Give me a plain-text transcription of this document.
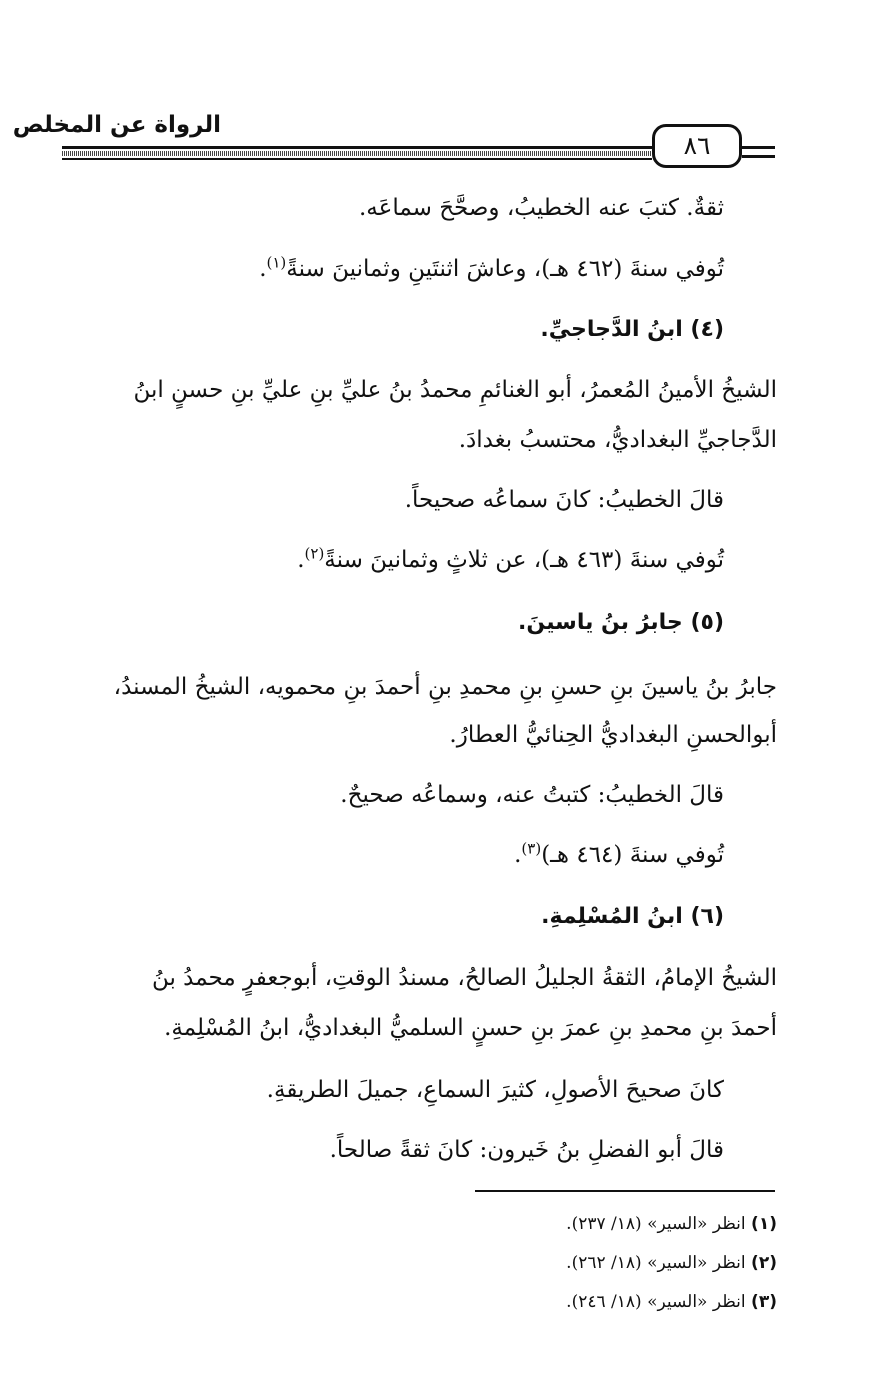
الرواة عن المخلص
٨٦
ثقةٌ. كتبَ عنه الخطيبُ، وصحَّحَ سماعَه.
تُوفي سنةَ (٤٦٢ هـ)، وعاشَ اثنتَينِ وثمانينَ سنةً$^{(١)}$.
(٤) ابنُ الدَّجاجيِّ.
الشيخُ الأمينُ المُعمرُ، أبو الغنائمِ محمدُ بنُ عليِّ بنِ عليِّ بنِ حسنٍ ابنُ
الدَّجاجيِّ البغداديُّ، محتسبُ بغدادَ.
قالَ الخطيبُ: كانَ سماعُه صحيحاً.
تُوفي سنةَ (٤٦٣ هـ)، عن ثلاثٍ وثمانينَ سنةً$^{(٢)}$.
(٥) جابرُ بنُ ياسينَ.
جابرُ بنُ ياسينَ بنِ حسنِ بنِ محمدِ بنِ أحمدَ بنِ محمويه، الشيخُ المسندُ،
أبوالحسنِ البغداديُّ الحِنائيُّ العطارُ.
قالَ الخطيبُ: كتبتُ عنه، وسماعُه صحيحٌ.
تُوفي سنةَ (٤٦٤ هـ)$^{(٣)}$.
(٦) ابنُ المُسْلِمةِ.
الشيخُ الإمامُ، الثقةُ الجليلُ الصالحُ، مسندُ الوقتِ، أبوجعفرٍ محمدُ بنُ
أحمدَ بنِ محمدِ بنِ عمرَ بنِ حسنٍ السلميُّ البغداديُّ، ابنُ المُسْلِمةِ.
كانَ صحيحَ الأصولِ، كثيرَ السماعِ، جميلَ الطريقةِ.
قالَ أبو الفضلِ بنُ خَيرون: كانَ ثقةً صالحاً.
(١) انظر «السير» (١٨/ ٢٣٧).
(٢) انظر «السير» (١٨/ ٢٦٢).
(٣) انظر «السير» (١٨/ ٢٤٦).
